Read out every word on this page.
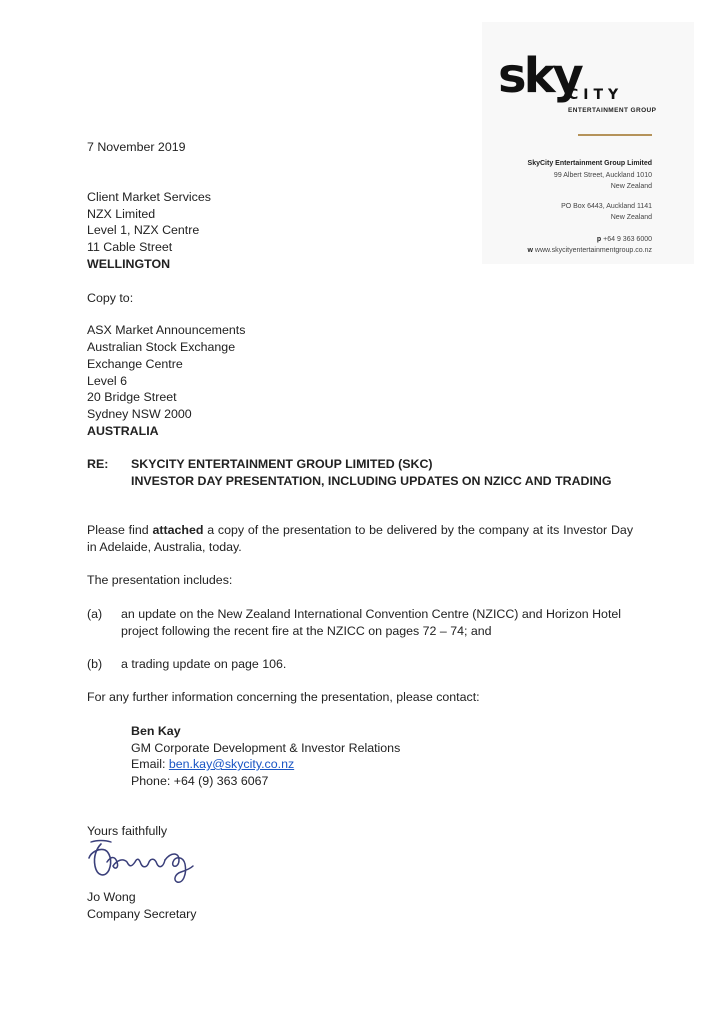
sky
CITY
ENTERTAINMENT GROUP
SkyCity Entertainment Group Limited
99 Albert Street, Auckland 1010
New Zealand
PO Box 6443, Auckland 1141
New Zealand
p +64 9 363 6000
w www.skycityentertainmentgroup.co.nz
7 November 2019
Client Market Services
NZX Limited
Level 1, NZX Centre
11 Cable Street
WELLINGTON
Copy to:
ASX Market Announcements
Australian Stock Exchange
Exchange Centre
Level 6
20 Bridge Street
Sydney NSW 2000
AUSTRALIA
RE: SKYCITY ENTERTAINMENT GROUP LIMITED (SKC)
INVESTOR DAY PRESENTATION, INCLUDING UPDATES ON NZICC AND TRADING
Please find attached a copy of the presentation to be delivered by the company at its Investor Day in Adelaide, Australia, today.
The presentation includes:
(a) an update on the New Zealand International Convention Centre (NZICC) and Horizon Hotel project following the recent fire at the NZICC on pages 72 – 74; and
(b) a trading update on page 106.
For any further information concerning the presentation, please contact:
Ben Kay
GM Corporate Development & Investor Relations
Email: ben.kay@skycity.co.nz
Phone: +64 (9) 363 6067
Yours faithfully
Jo Wong
Company Secretary
